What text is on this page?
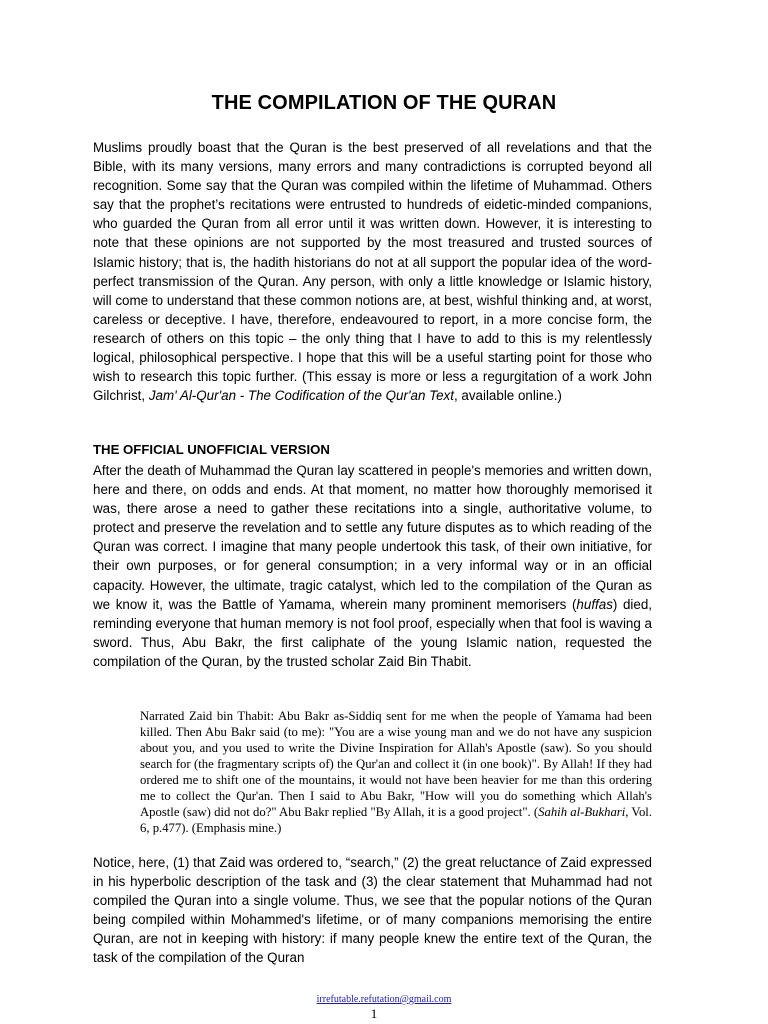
THE COMPILATION OF THE QURAN

Muslims proudly boast that the Quran is the best preserved of all revelations and that the Bible, with its many versions, many errors and many contradictions is corrupted beyond all recognition. Some say that the Quran was compiled within the lifetime of Muhammad. Others say that the prophet’s recitations were entrusted to hundreds of eidetic-minded companions, who guarded the Quran from all error until it was written down. However, it is interesting to note that these opinions are not supported by the most treasured and trusted sources of Islamic history; that is, the hadith historians do not at all support the popular idea of the word-perfect transmission of the Quran. Any person, with only a little knowledge or Islamic history, will come to understand that these common notions are, at best, wishful thinking and, at worst, careless or deceptive. I have, therefore, endeavoured to report, in a more concise form, the research of others on this topic – the only thing that I have to add to this is my relentlessly logical, philosophical perspective. I hope that this will be a useful starting point for those who wish to research this topic further. (This essay is more or less a regurgitation of a work John Gilchrist, Jam' Al-Qur'an - The Codification of the Qur'an Text, available online.)

THE OFFICIAL UNOFFICIAL VERSION

After the death of Muhammad the Quran lay scattered in people's memories and written down, here and there, on odds and ends. At that moment, no matter how thoroughly memorised it was, there arose a need to gather these recitations into a single, authoritative volume, to protect and preserve the revelation and to settle any future disputes as to which reading of the Quran was correct. I imagine that many people undertook this task, of their own initiative, for their own purposes, or for general consumption; in a very informal way or in an official capacity. However, the ultimate, tragic catalyst, which led to the compilation of the Quran as we know it, was the Battle of Yamama, wherein many prominent memorisers (huffas) died, reminding everyone that human memory is not fool proof, especially when that fool is waving a sword. Thus, Abu Bakr, the first caliphate of the young Islamic nation, requested the compilation of the Quran, by the trusted scholar Zaid Bin Thabit.

Narrated Zaid bin Thabit: Abu Bakr as-Siddiq sent for me when the people of Yamama had been killed. Then Abu Bakr said (to me): "You are a wise young man and we do not have any suspicion about you, and you used to write the Divine Inspiration for Allah's Apostle (saw). So you should search for (the fragmentary scripts of) the Qur'an and collect it (in one book)". By Allah! If they had ordered me to shift one of the mountains, it would not have been heavier for me than this ordering me to collect the Qur'an. Then I said to Abu Bakr, "How will you do something which Allah's Apostle (saw) did not do?" Abu Bakr replied "By Allah, it is a good project". (Sahih al-Bukhari, Vol. 6, p.477). (Emphasis mine.)

Notice, here, (1) that Zaid was ordered to, “search,” (2) the great reluctance of Zaid expressed in his hyperbolic description of the task and (3) the clear statement that Muhammad had not compiled the Quran into a single volume. Thus, we see that the popular notions of the Quran being compiled within Mohammed's lifetime, or of many companions memorising the entire Quran, are not in keeping with history: if many people knew the entire text of the Quran, the task of the compilation of the Quran

irrefutable.refutation@gmail.com

1
